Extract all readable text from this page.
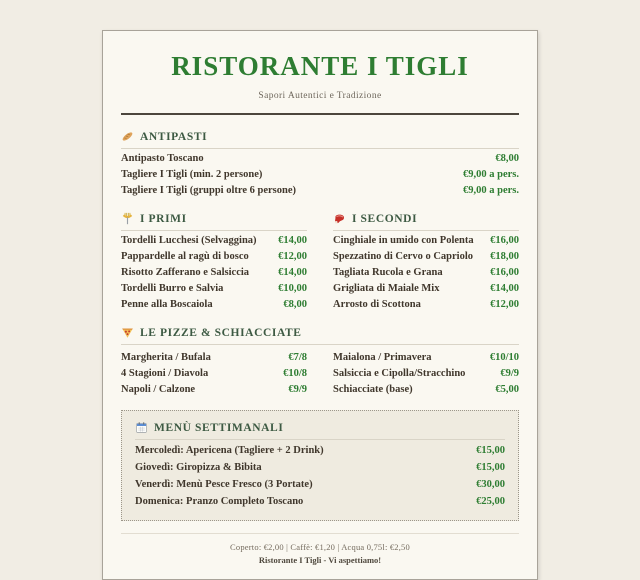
RISTORANTE I TIGLI
Sapori Autentici e Tradizione
ANTIPASTI
Antipasto Toscano	€8,00
Tagliere I Tigli (min. 2 persone)	€9,00 a pers.
Tagliere I Tigli (gruppi oltre 6 persone)	€9,00 a pers.
I PRIMI
Tordelli Lucchesi (Selvaggina) €14,00
Pappardelle al ragù di bosco	€12,00
Risotto Zafferano e Salsiccia	€14,00
Tordelli Burro e Salvia	€10,00
Penne alla Boscaiola	€8,00
I SECONDI
Cinghiale in umido con Polenta €16,00
Spezzatino di Cervo o Capriolo €18,00
Tagliata Rucola e Grana	€16,00
Grigliata di Maiale Mix	€14,00
Arrosto di Scottona	€12,00
LE PIZZE & SCHIACCIATE
Margherita / Bufala	€7/8
4 Stagioni / Diavola	€10/8
Napoli / Calzone	€9/9
Maialona / Primavera	€10/10
Salsiccia e Cipolla/Stracchino	€9/9
Schiacciate (base)	€5,00
MENÙ SETTIMANALI
Mercoledì: Apericena (Tagliere + 2 Drink)	€15,00
Giovedì: Giropizza & Bibita	€15,00
Venerdì: Menù Pesce Fresco (3 Portate)	€30,00
Domenica: Pranzo Completo Toscano	€25,00
Coperto: €2,00 | Caffè: €1,20 | Acqua 0,75l: €2,50
Ristorante I Tigli - Vi aspettiamo!
